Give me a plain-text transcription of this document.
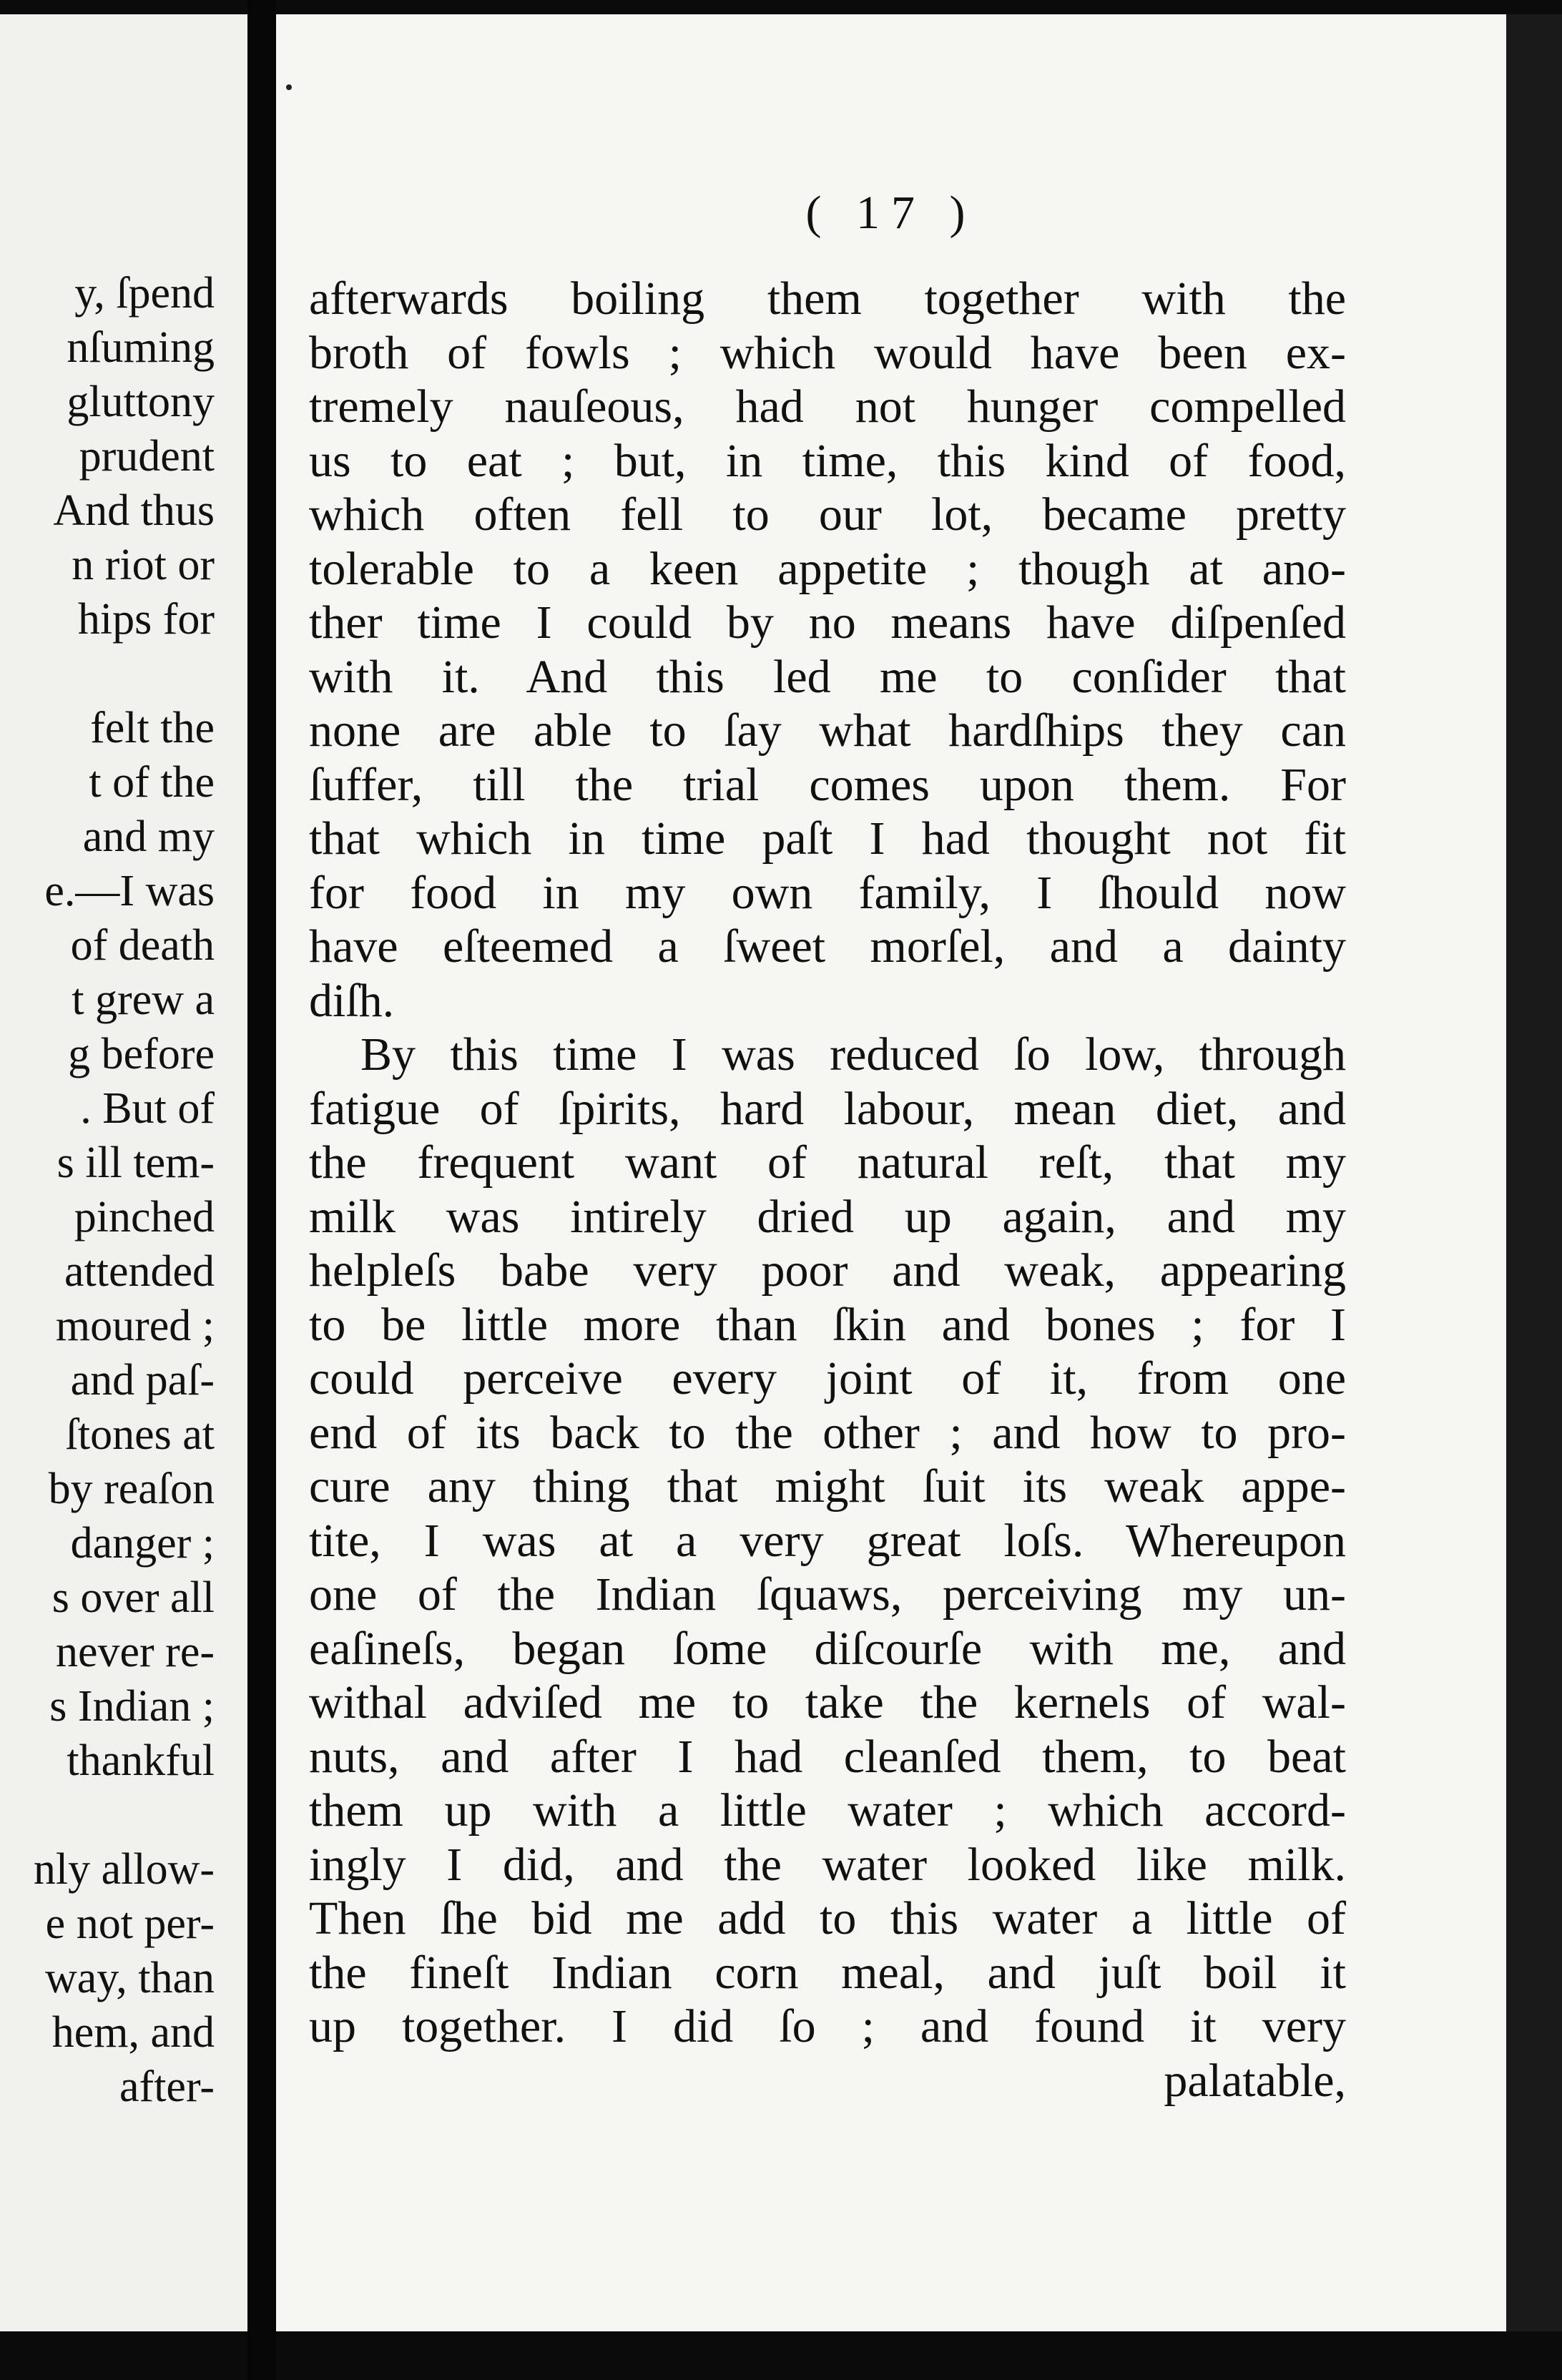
y, ſpend
nſuming
gluttony
prudent
And thus
n riot or
hips for

felt the
t of the
and my
e.—I was
of death
t grew a
g before
. But of
s ill tem-
pinched
attended
moured ;
and paſ-
ſtones at
by reaſon
danger ;
s over all
never re-
s Indian ;
thankful

nly allow-
e not per-
way, than
hem, and
after-
( 17 )
afterwards boiling them together with the
broth of fowls ; which would have been ex-
tremely nauſeous, had not hunger compelled
us to eat ; but, in time, this kind of food,
which often fell to our lot, became pretty
tolerable to a keen appetite ; though at ano-
ther time I could by no means have diſpenſed
with it. And this led me to conſider that
none are able to ſay what hardſhips they can
ſuffer, till the trial comes upon them. For
that which in time paſt I had thought not fit
for food in my own family, I ſhould now
have eſteemed a ſweet morſel, and a dainty
diſh.
By this time I was reduced ſo low, through
fatigue of ſpirits, hard labour, mean diet, and
the frequent want of natural reſt, that my
milk was intirely dried up again, and my
helpleſs babe very poor and weak, appearing
to be little more than ſkin and bones ; for I
could perceive every joint of it, from one
end of its back to the other ; and how to pro-
cure any thing that might ſuit its weak appe-
tite, I was at a very great loſs. Whereupon
one of the Indian ſquaws, perceiving my un-
eaſineſs, began ſome diſcourſe with me, and
withal adviſed me to take the kernels of wal-
nuts, and after I had cleanſed them, to beat
them up with a little water ; which accord-
ingly I did, and the water looked like milk.
Then ſhe bid me add to this water a little of
the fineſt Indian corn meal, and juſt boil it
up together. I did ſo ; and found it very
palatable,
